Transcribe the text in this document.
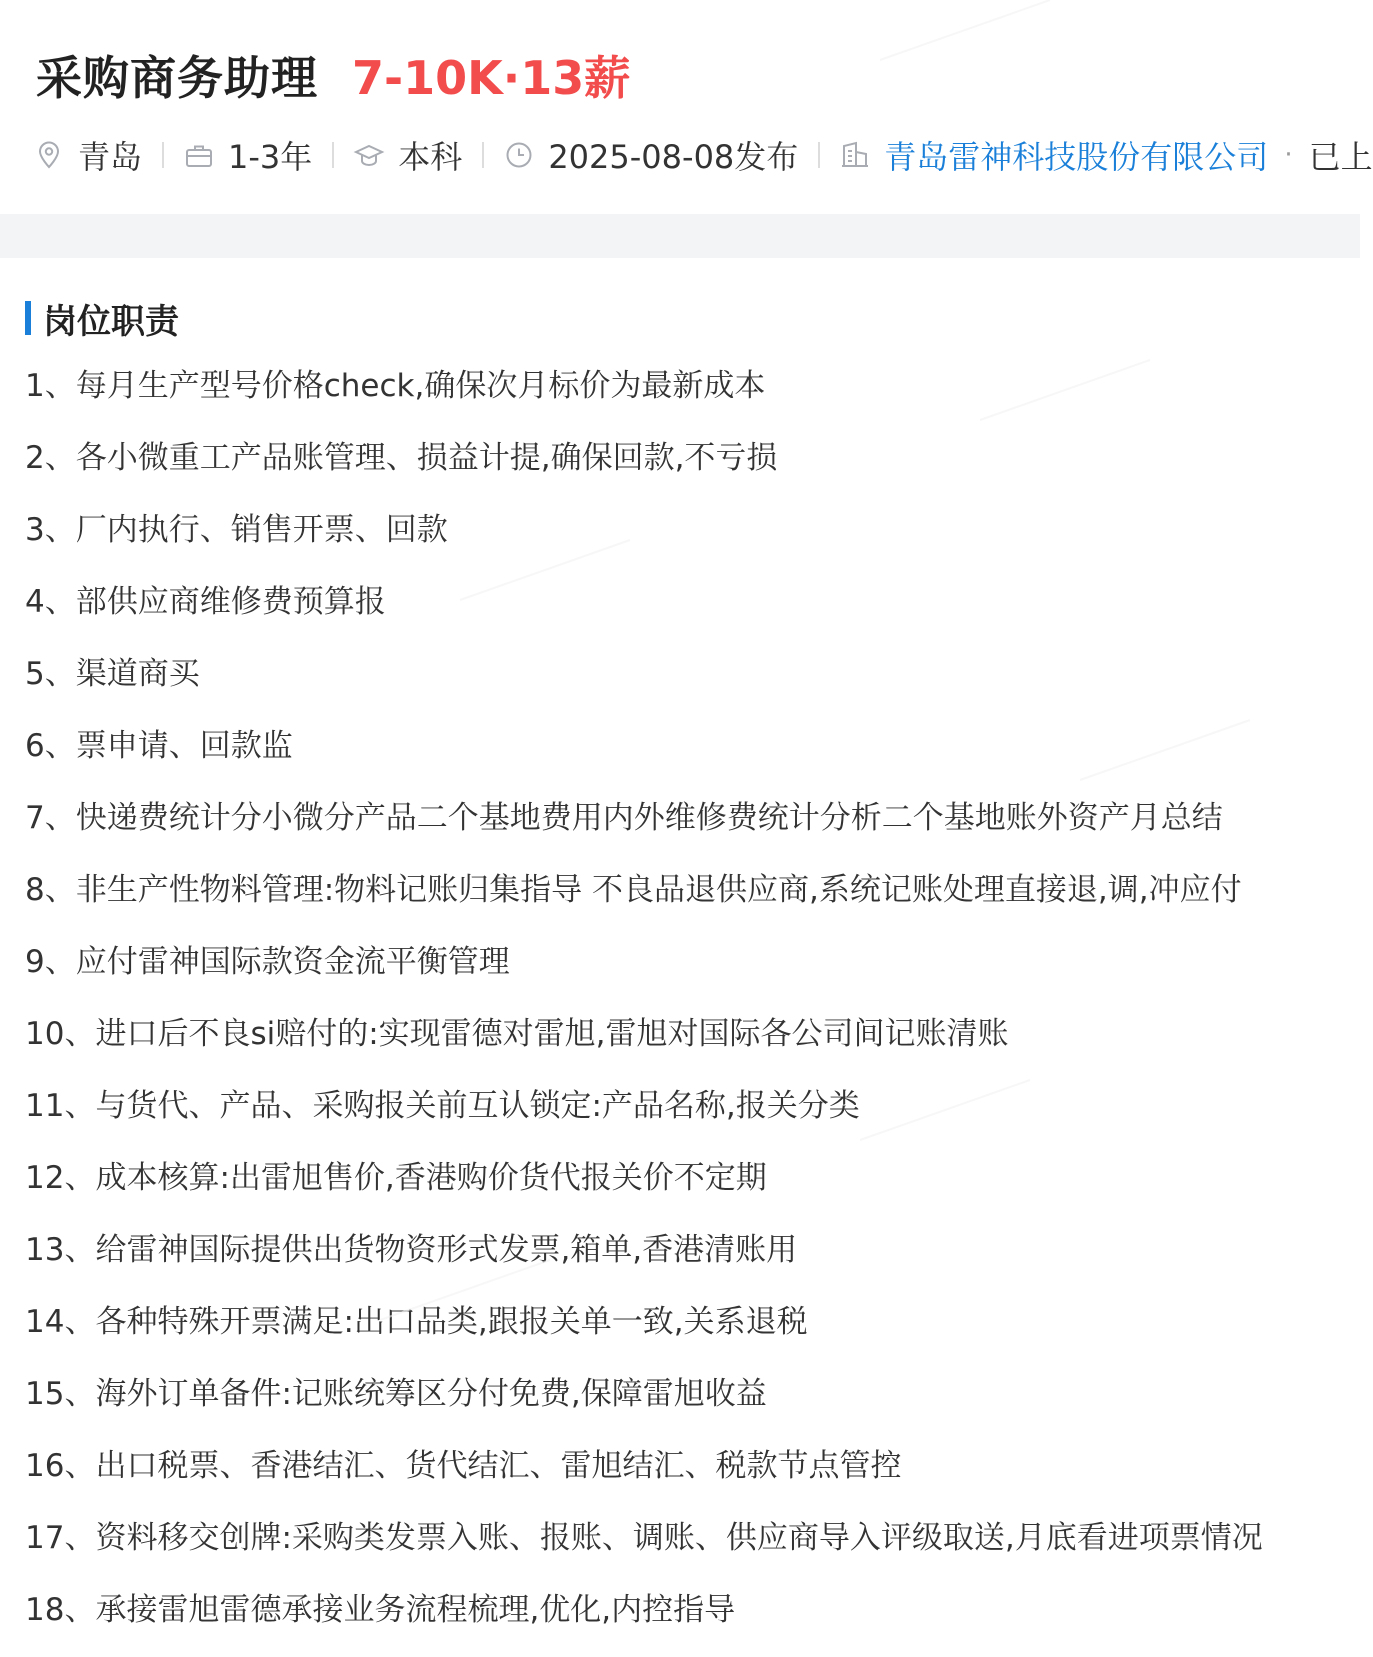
采购商务助理 7-10K·13薪
青岛	1-3年	本科	2025-08-08发布	青岛雷神科技股份有限公司 · 已上
岗位职责
1、每月生产型号价格check,确保次月标价为最新成本
2、各小微重工产品账管理、损益计提,确保回款,不亏损
3、厂内执行、销售开票、回款
4、部供应商维修费预算报
5、渠道商买
6、票申请、回款监
7、快递费统计分小微分产品二个基地费用内外维修费统计分析二个基地账外资产月总结
8、非生产性物料管理:物料记账归集指导 不良品退供应商,系统记账处理直接退,调,冲应付
9、应付雷神国际款资金流平衡管理
10、进口后不良si赔付的:实现雷德对雷旭,雷旭对国际各公司间记账清账
11、与货代、产品、采购报关前互认锁定:产品名称,报关分类
12、成本核算:出雷旭售价,香港购价货代报关价不定期
13、给雷神国际提供出货物资形式发票,箱单,香港清账用
14、各种特殊开票满足:出口品类,跟报关单一致,关系退税
15、海外订单备件:记账统筹区分付免费,保障雷旭收益
16、出口税票、香港结汇、货代结汇、雷旭结汇、税款节点管控
17、资料移交创牌:采购类发票入账、报账、调账、供应商导入评级取送,月底看进项票情况
18、承接雷旭雷德承接业务流程梳理,优化,内控指导
